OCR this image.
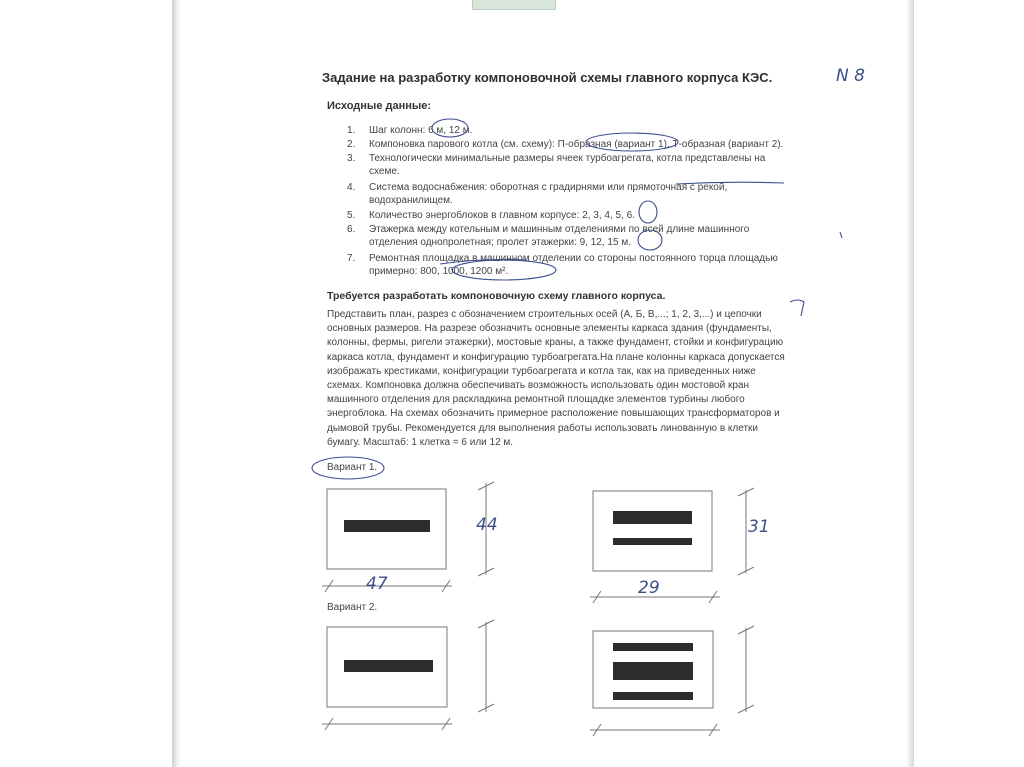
Задание на разработку компоновочной схемы главного корпуса КЭС.	N 8
Исходные данные:
1. Шаг колонн: 6 м, 12 м.
2. Компоновка парового котла (см. схему): П-образная (вариант 1), Т-образная (вариант 2).
3. Технологически минимальные размеры ячеек турбоагрегата, котла представлены на
схеме.
4. Система водоснабжения: оборотная с градирнями или прямоточная с рекой,
водохранилищем.
5. Количество энергоблоков в главном корпусе: 2, 3, 4, 5, 6.
6. Этажерка между котельным и машинным отделениями по всей длине машинного
отделения однопролетная; пролет этажерки: 9, 12, 15 м.
7. Ремонтная площадка в машинном отделении со стороны постоянного торца площадью
примерно: 800, 1000, 1200 м².
Требуется разработать компоновочную схему главного корпуса.
Представить план, разрез с обозначением строительных осей (А, Б, В,...; 1, 2, 3,...) и цепочки
основных размеров. На разрезе обозначить основные элементы каркаса здания (фундаменты,
колонны, фермы, ригели этажерки), мостовые краны, а также фундамент, стойки и конфигурацию
каркаса котла, фундамент и конфигурацию турбоагрегата.На плане колонны каркаса допускается
изображать крестиками, конфигурации турбоагрегата и котла так, как на приведенных ниже
схемах. Компоновка должна обеспечивать возможность использовать один мостовой кран
машинного отделения для раскладкина ремонтной площадке элементов турбины любого
энергоблока. На схемах обозначить примерное расположение повышающих трансформаторов и
дымовой трубы. Рекомендуется для выполнения работы использовать линованную в клетки
бумагу. Масштаб: 1 клетка = 6 или 12 м.
Вариант 1.
Вариант 2.
44
47
31
29
